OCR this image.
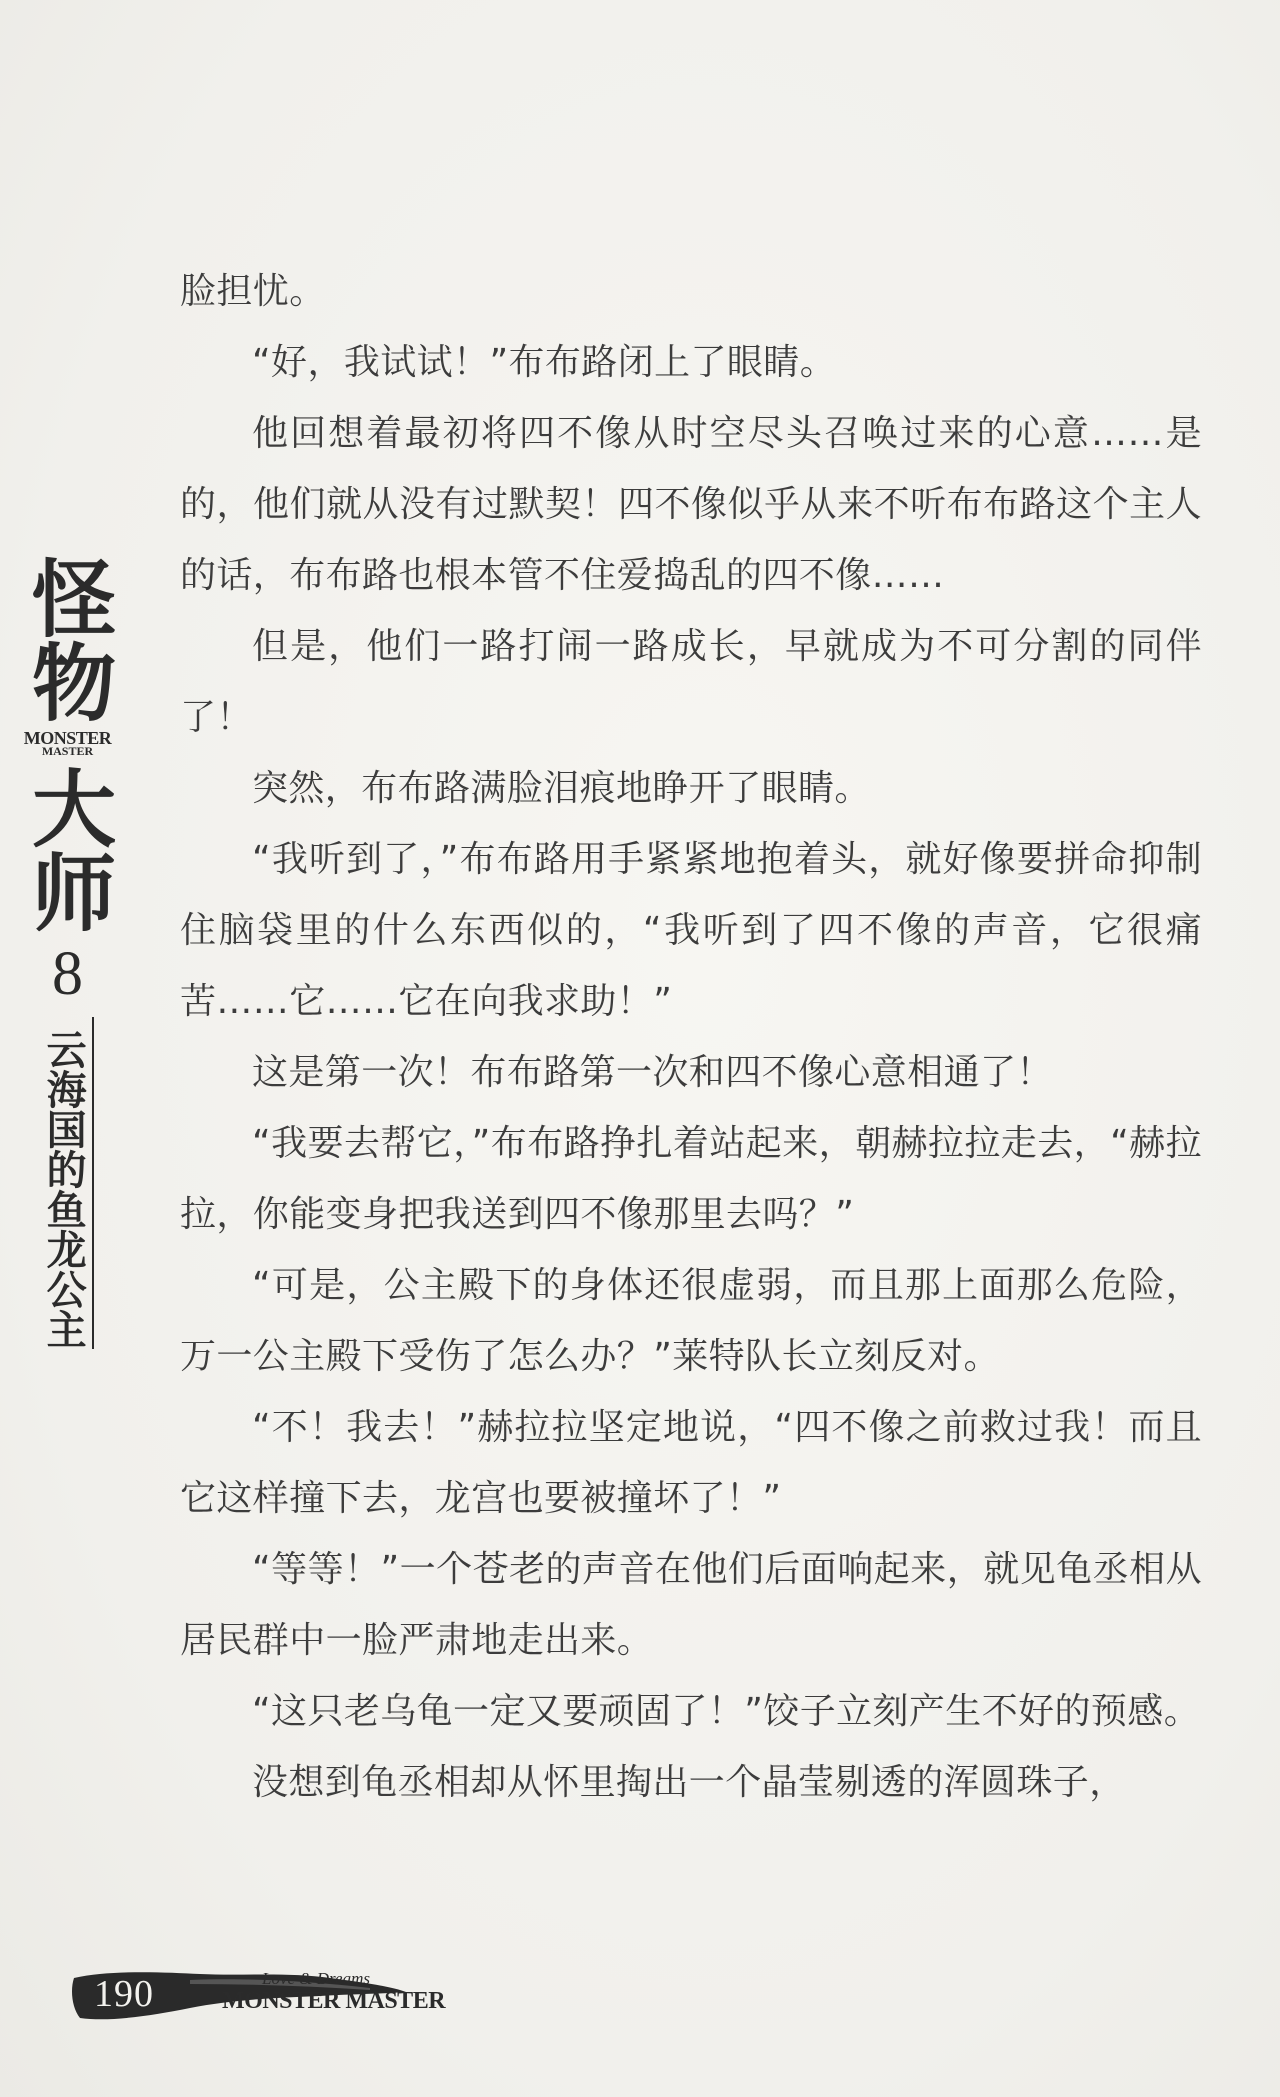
怪物
MONSTER
MASTER
大师
8
云海国的鱼龙公主

脸担忧。

“好，我试试！”布布路闭上了眼睛。

他回想着最初将四不像从时空尽头召唤过来的心意……是的，他们就从没有过默契！四不像似乎从来不听布布路这个主人的话，布布路也根本管不住爱捣乱的四不像……

但是，他们一路打闹一路成长，早就成为不可分割的同伴了！

突然，布布路满脸泪痕地睁开了眼睛。

“我听到了，”布布路用手紧紧地抱着头，就好像要拼命抑制住脑袋里的什么东西似的，“我听到了四不像的声音，它很痛苦……它……它在向我求助！”

这是第一次！布布路第一次和四不像心意相通了！

“我要去帮它，”布布路挣扎着站起来，朝赫拉拉走去，“赫拉拉，你能变身把我送到四不像那里去吗？”

“可是，公主殿下的身体还很虚弱，而且那上面那么危险，万一公主殿下受伤了怎么办？”莱特队长立刻反对。

“不！我去！”赫拉拉坚定地说，“四不像之前救过我！而且它这样撞下去，龙宫也要被撞坏了！”

“等等！”一个苍老的声音在他们后面响起来，就见龟丞相从居民群中一脸严肃地走出来。

“这只老乌龟一定又要顽固了！”饺子立刻产生不好的预感。

没想到龟丞相却从怀里掏出一个晶莹剔透的浑圆珠子，

190	Love & Dreams
MONSTER MASTER
